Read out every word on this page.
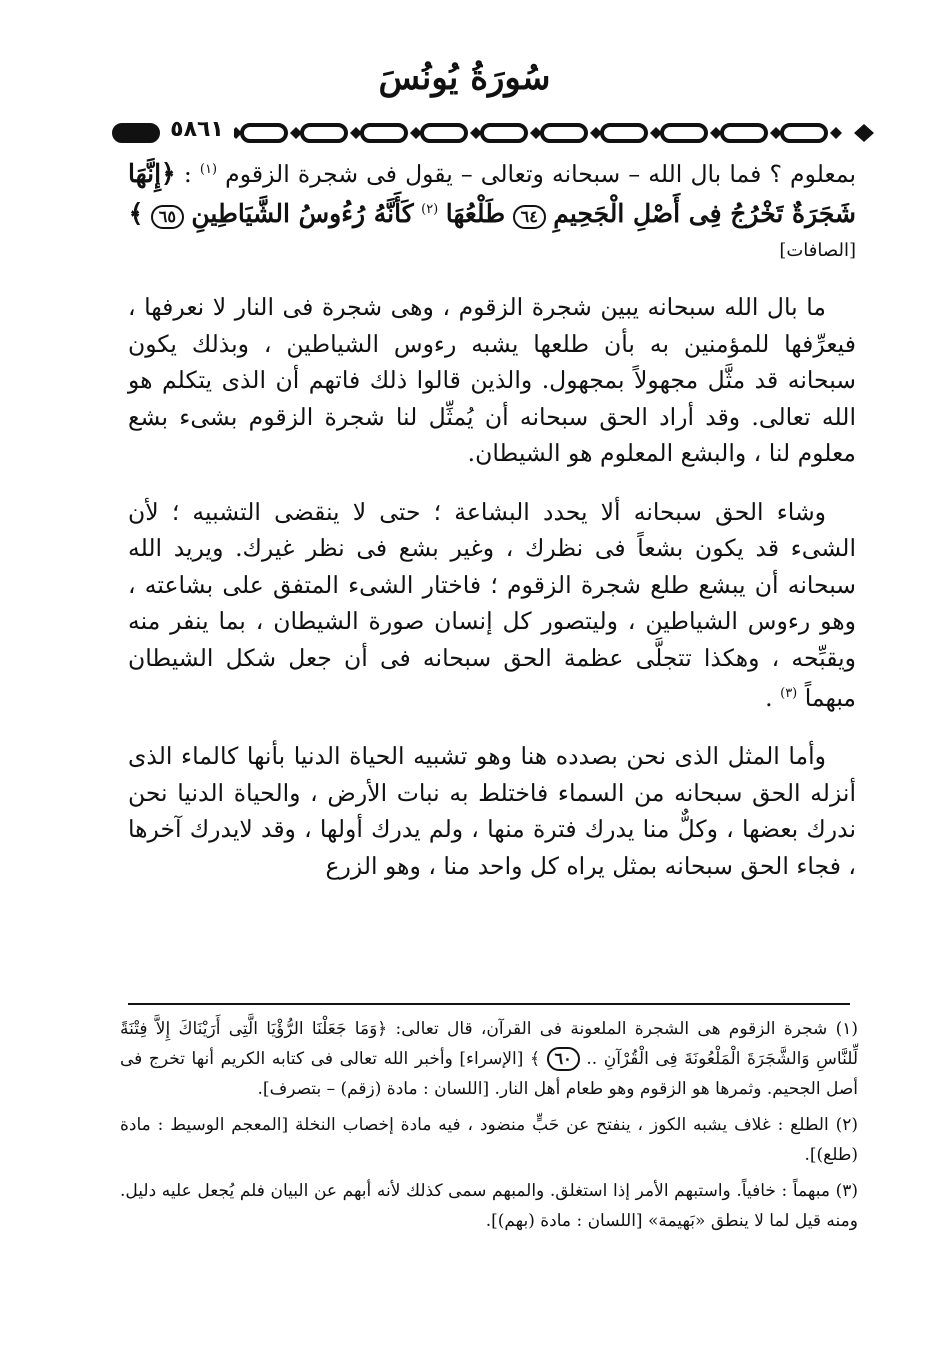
سُورَةُ يُونُسَ
٥٨٦١

بمعلوم ؟ فما بال الله – سبحانه وتعالى – يقول فى شجرة الزقوم $^{(١)}$ : ﴿إِنَّهَا شَجَرَةٌ تَخْرُجُ فِى أَصْلِ الْجَحِيمِ ٦٤ طَلْعُهَا $^{(٢)}$ كَأَنَّهُ رُءُوسُ الشَّيَاطِينِ ٦٥ ﴾
[الصافات]

ما بال الله سبحانه يبين شجرة الزقوم ، وهى شجرة فى النار لا نعرفها ، فيعرِّفها للمؤمنين به بأن طلعها يشبه رءوس الشياطين ، وبذلك يكون سبحانه قد مثَّل مجهولاً بمجهول. والذين قالوا ذلك فاتهم أن الذى يتكلم هو الله تعالى. وقد أراد الحق سبحانه أن يُمثِّل لنا شجرة الزقوم بشىء بشع معلوم لنا ، والبشع المعلوم هو الشيطان.

وشاء الحق سبحانه ألا يحدد البشاعة ؛ حتى لا ينقضى التشبيه ؛ لأن الشىء قد يكون بشعاً فى نظرك ، وغير بشع فى نظر غيرك. ويريد الله سبحانه أن يبشع طلع شجرة الزقوم ؛ فاختار الشىء المتفق على بشاعته ، وهو رءوس الشياطين ، وليتصور كل إنسان صورة الشيطان ، بما ينفر منه ويقبِّحه ، وهكذا تتجلَّى عظمة الحق سبحانه فى أن جعل شكل الشيطان مبهماً $^{(٣)}$ .

وأما المثل الذى نحن بصدده هنا وهو تشبيه الحياة الدنيا بأنها كالماء الذى أنزله الحق سبحانه من السماء فاختلط به نبات الأرض ، والحياة الدنيا نحن ندرك بعضها ، وكلٌّ منا يدرك فترة منها ، ولم يدرك أولها ، وقد لايدرك آخرها ، فجاء الحق سبحانه بمثل يراه كل واحد منا ، وهو الزرع

(١) شجرة الزقوم هى الشجرة الملعونة فى القرآن، قال تعالى: ﴿وَمَا جَعَلْنَا الرُّؤْيَا الَّتِى أَرَيْنَاكَ إِلاَّ فِتْنَةً لِّلنَّاسِ وَالشَّجَرَةَ الْمَلْعُونَةَ فِى الْقُرْآنِ .. ٦٠ ﴾ [الإسراء] وأخبر الله تعالى فى كتابه الكريم أنها تخرج فى أصل الجحيم. وثمرها هو الزقوم وهو طعام أهل النار. [اللسان : مادة (زقم) – بتصرف].

(٢) الطلع : غلاف يشبه الكوز ، ينفتح عن حَبٍّ منضود ، فيه مادة إخصاب النخلة [المعجم الوسيط : مادة (طلع)].

(٣) مبهماً : خافياً. واستبهم الأمر إذا استغلق. والمبهم سمى كذلك لأنه أبهم عن البيان فلم يُجعل عليه دليل. ومنه قيل لما لا ينطق «بَهيمة» [اللسان : مادة (بهم)].
